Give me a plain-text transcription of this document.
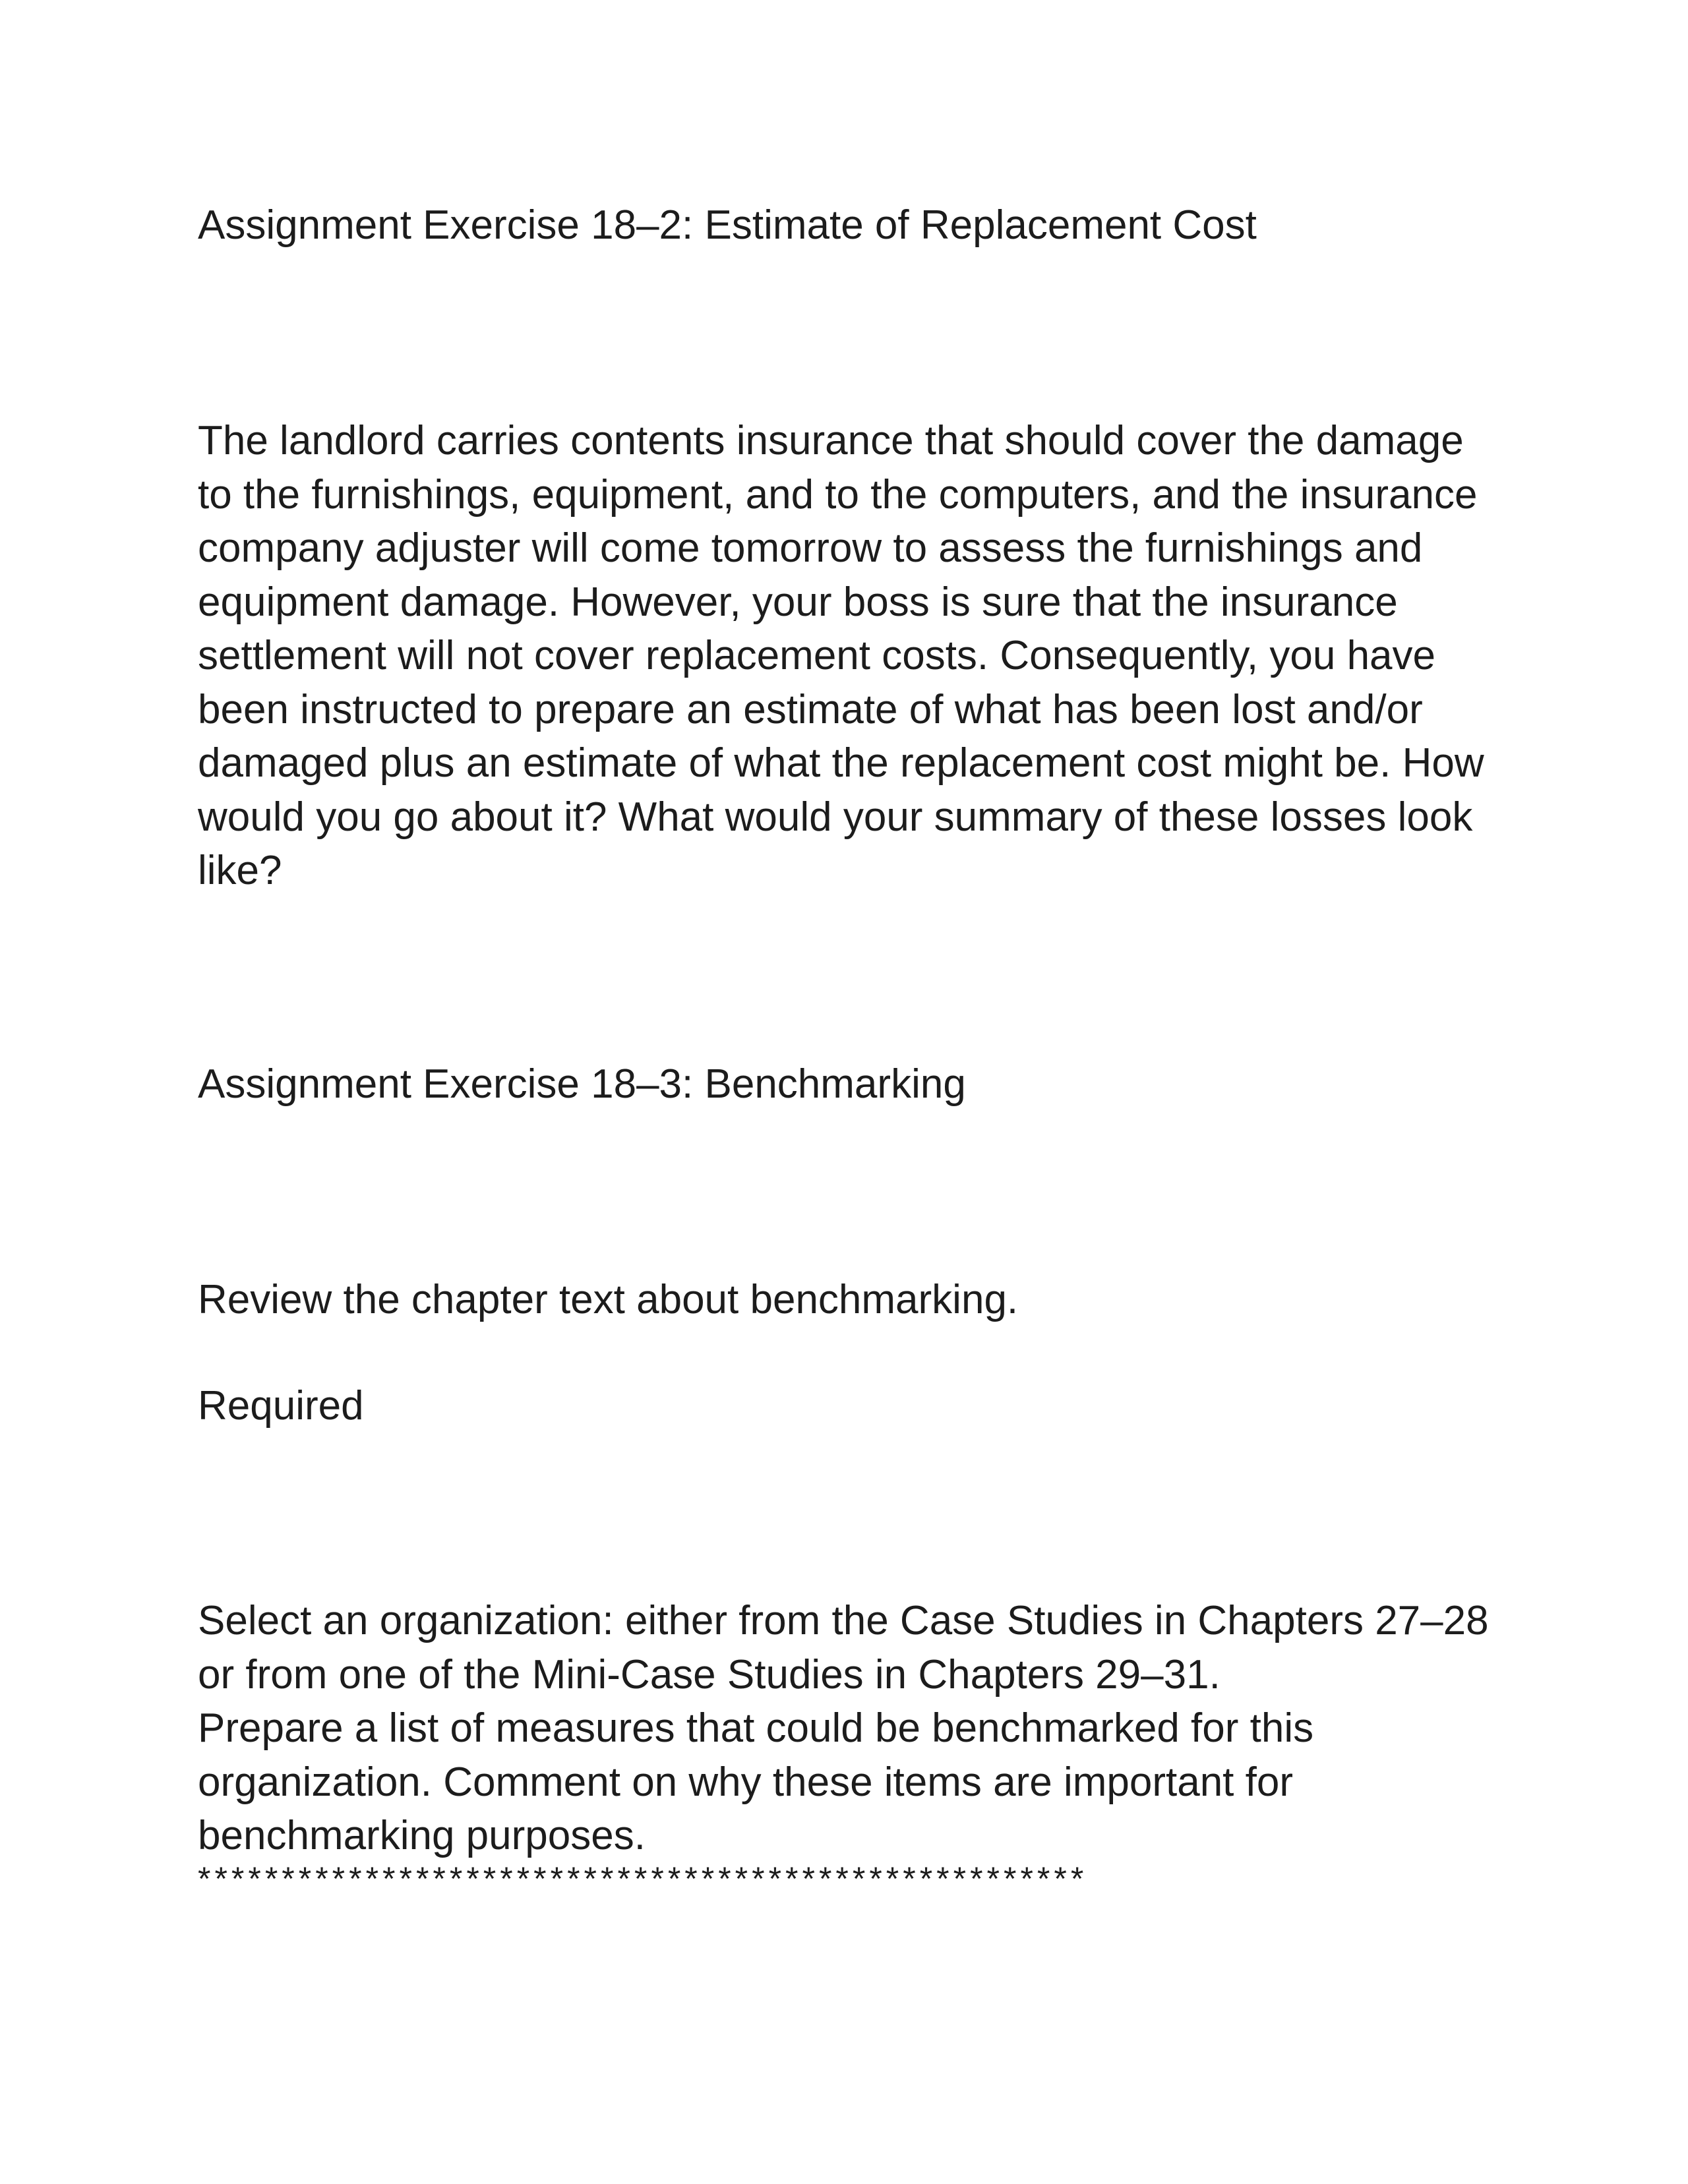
Assignment Exercise 18–2: Estimate of Replacement Cost
The landlord carries contents insurance that should cover the damage
to the furnishings, equipment, and to the computers, and the insurance
company adjuster will come tomorrow to assess the furnishings and
equipment damage. However, your boss is sure that the insurance
settlement will not cover replacement costs. Consequently, you have
been instructed to prepare an estimate of what has been lost and/or
damaged plus an estimate of what the replacement cost might be. How
would you go about it? What would your summary of these losses look
like?
Assignment Exercise 18–3: Benchmarking
Review the chapter text about benchmarking.
Required
Select an organization: either from the Case Studies in Chapters 27–28
or from one of the Mini-Case Studies in Chapters 29–31.
Prepare a list of measures that could be benchmarked for this
organization. Comment on why these items are important for
benchmarking purposes.
*****************************************************
